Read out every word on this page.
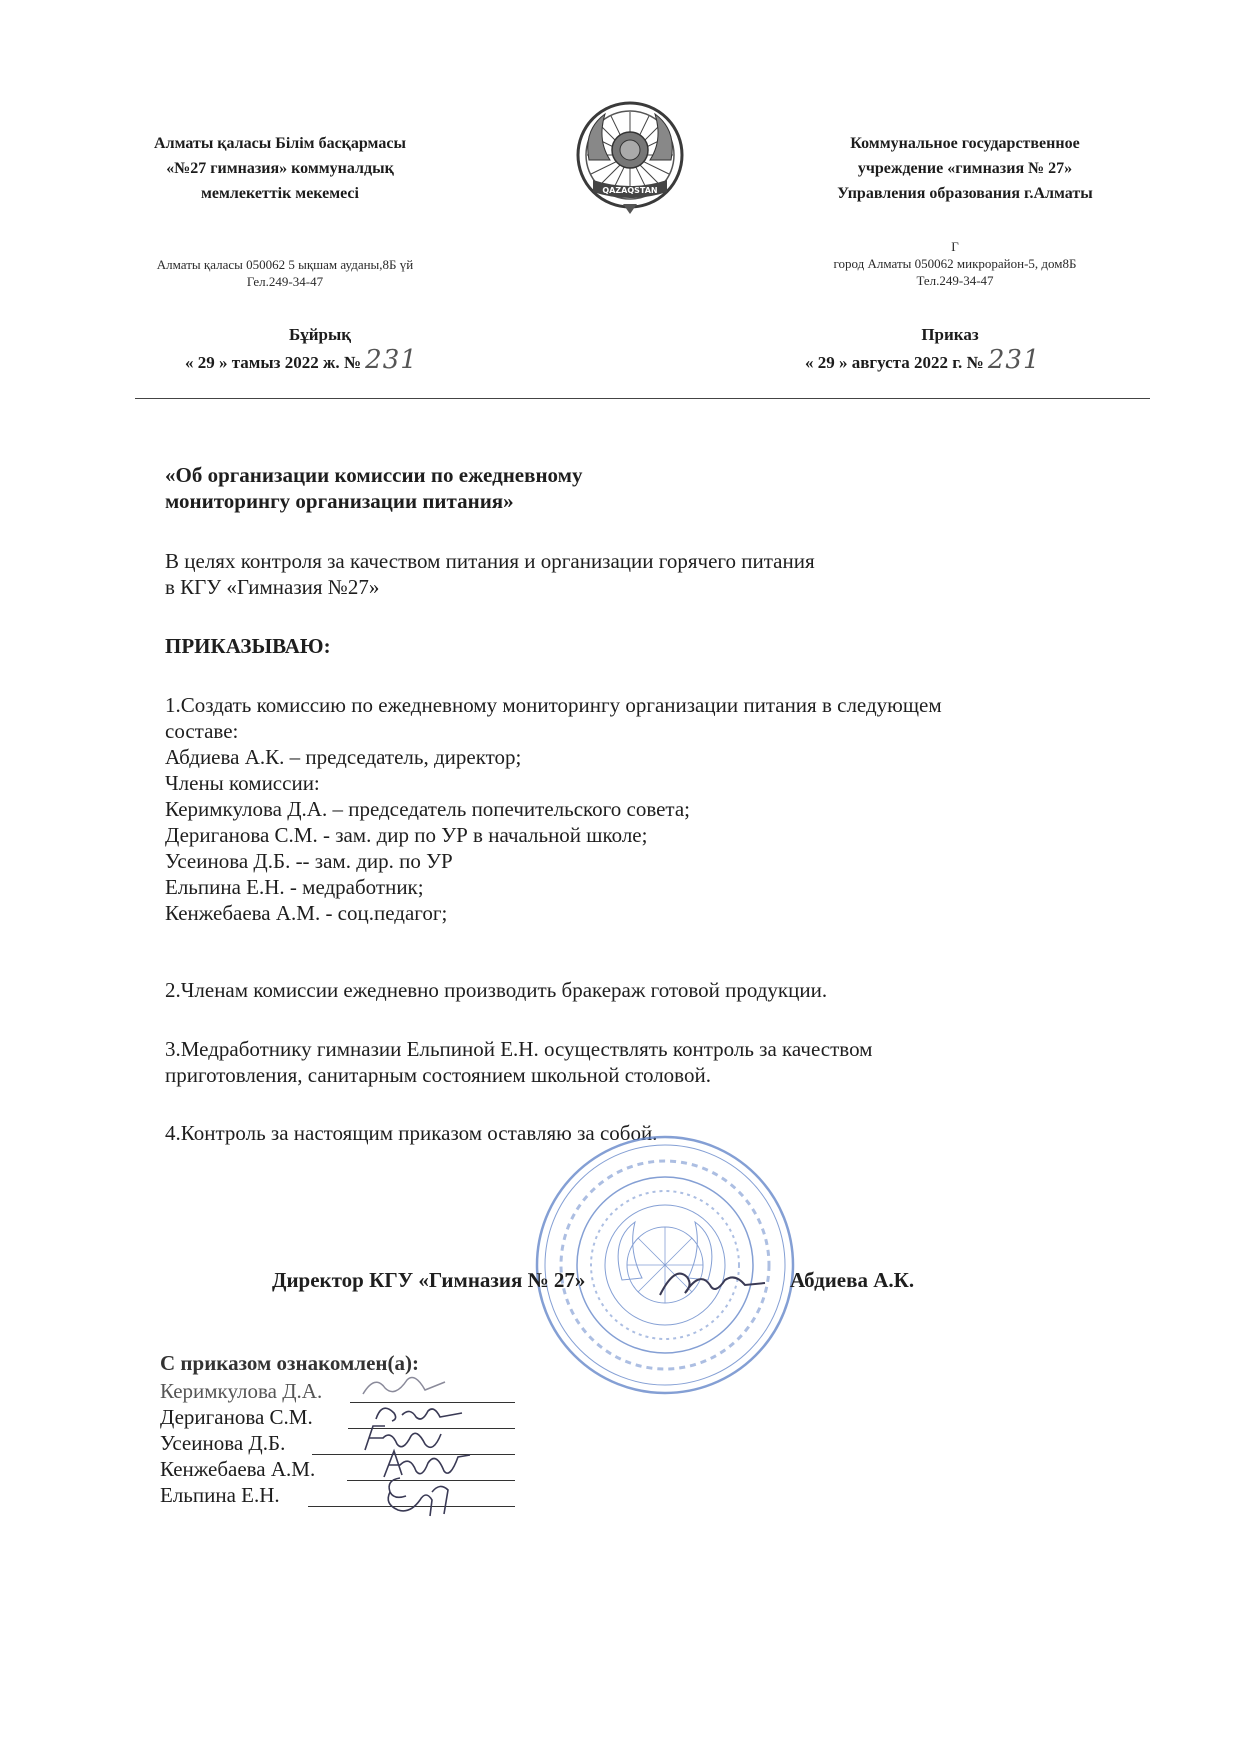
Алматы қаласы Білім басқармасы
«№27 гимназия» коммуналдық
мемлекеттік мекемесі
Алматы қаласы 050062 5 ықшам ауданы,8Б үй
Гел.249-34-47
Бұйрық
« 29 » тамыз 2022 ж. № 231
QAZAQSTAN
Коммунальное государственное
учреждение «гимназия № 27»
Управления образования г.Алматы
Г
город Алматы 050062 микрорайон-5, дом8Б
Тел.249-34-47
Приказ
« 29 » августа 2022 г. № 231
«Об организации комиссии по ежедневному
мониторингу организации питания»
В целях контроля за качеством питания и организации горячего питания
в КГУ «Гимназия №27»
ПРИКАЗЫВАЮ:
1.Создать комиссию по ежедневному мониторингу организации питания в следующем
составе:
Абдиева А.К. – председатель, директор;
Члены комиссии:
Керимкулова Д.А. – председатель попечительского совета;
Дериганова С.М. - зам. дир по УР в начальной школе;
Усеинова Д.Б. -- зам. дир. по УР
Ельпина Е.Н. - медработник;
Кенжебаева А.М. - соц.педагог;
2.Членам комиссии ежедневно производить бракераж готовой продукции.
3.Медработнику гимназии Ельпиной Е.Н. осуществлять контроль за качеством
приготовления, санитарным состоянием школьной столовой.
4.Контроль за настоящим приказом оставляю за собой.
Директор КГУ «Гимназия № 27»	Абдиева А.К.
С приказом ознакомлен(а):
Керимкулова Д.А.
Дериганова С.М.
Усеинова Д.Б.
Кенжебаева А.М.
Ельпина Е.Н.
